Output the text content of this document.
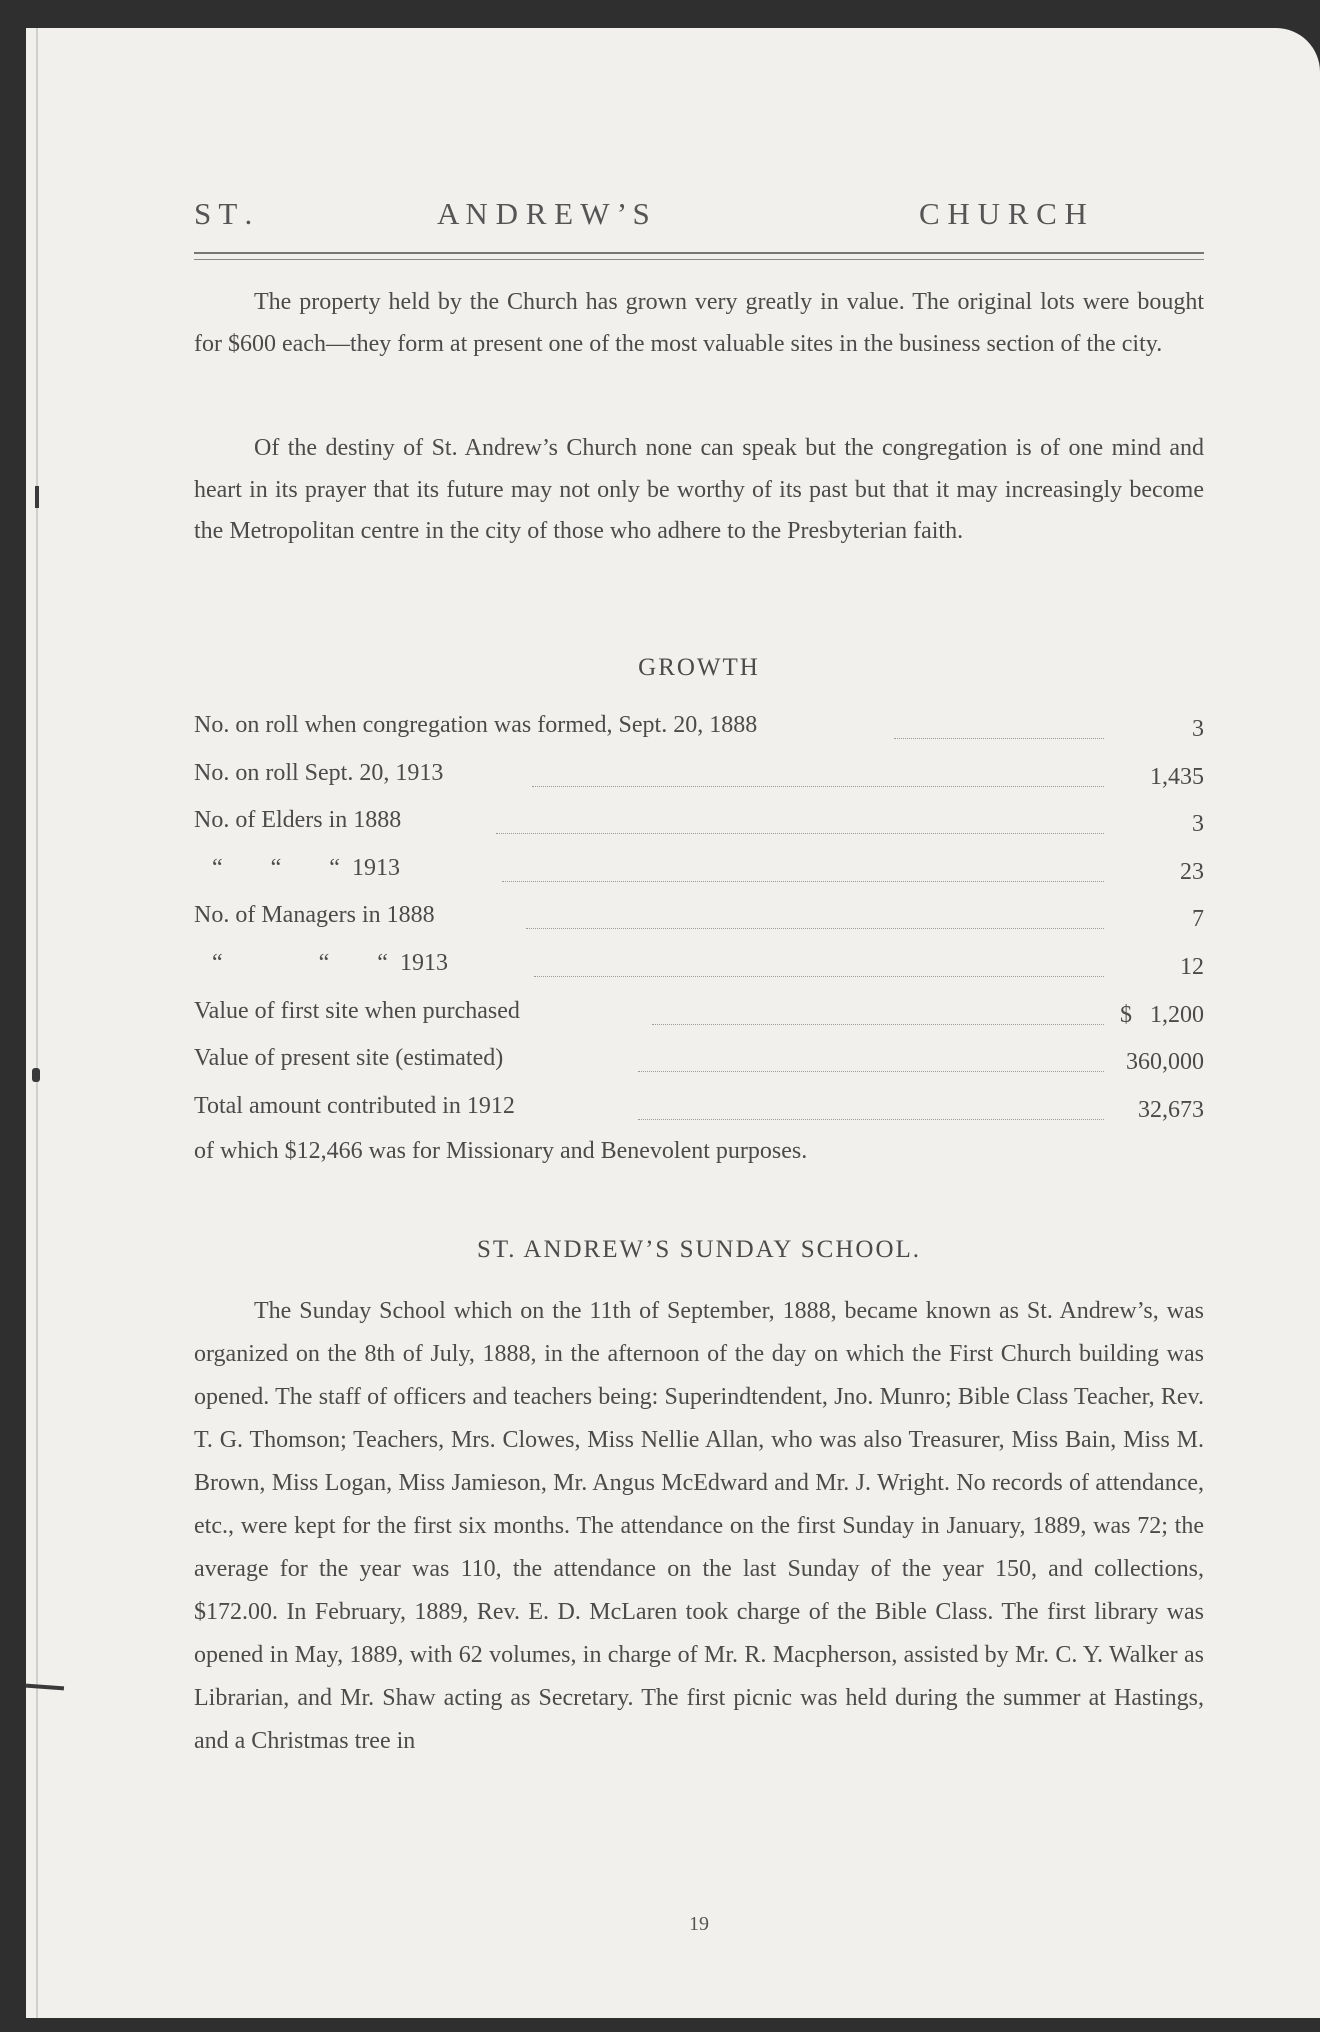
S T .	A N D R E W ’ S	C H U R C H
The property held by the Church has grown very greatly in value. The original lots were bought for $600 each—they form at present one of the most valuable sites in the business section of the city.
Of the destiny of St. Andrew’s Church none can speak but the congregation is of one mind and heart in its prayer that its future may not only be worthy of its past but that it may increasingly become the Metropolitan centre in the city of those who adhere to the Presbyterian faith.
GROWTH
No. on roll when congregation was formed, Sept. 20, 1888	3
No. on roll Sept. 20, 1913	1,435
No. of Elders in 1888	3
“        “        “  1913	23
No. of Managers in 1888	7
“                “        “  1913	12
Value of first site when purchased	$   1,200
Value of present site (estimated)	360,000
Total amount contributed in 1912	32,673
of which $12,466 was for Missionary and Benevolent purposes.
ST. ANDREW’S SUNDAY SCHOOL.
The Sunday School which on the 11th of September, 1888, became known as St. Andrew’s, was organized on the 8th of July, 1888, in the afternoon of the day on which the First Church building was opened. The staff of officers and teachers being: Superindtendent, Jno. Munro; Bible Class Teacher, Rev. T. G. Thomson; Teachers, Mrs. Clowes, Miss Nellie Allan, who was also Treasurer, Miss Bain, Miss M. Brown, Miss Logan, Miss Jamieson, Mr. Angus McEdward and Mr. J. Wright. No records of attendance, etc., were kept for the first six months. The attendance on the first Sunday in January, 1889, was 72; the average for the year was 110, the attendance on the last Sunday of the year 150, and collections, $172.00. In February, 1889, Rev. E. D. McLaren took charge of the Bible Class. The first library was opened in May, 1889, with 62 volumes, in charge of Mr. R. Macpherson, assisted by Mr. C. Y. Walker as Librarian, and Mr. Shaw acting as Secretary. The first picnic was held during the summer at Hastings, and a Christmas tree in
19
